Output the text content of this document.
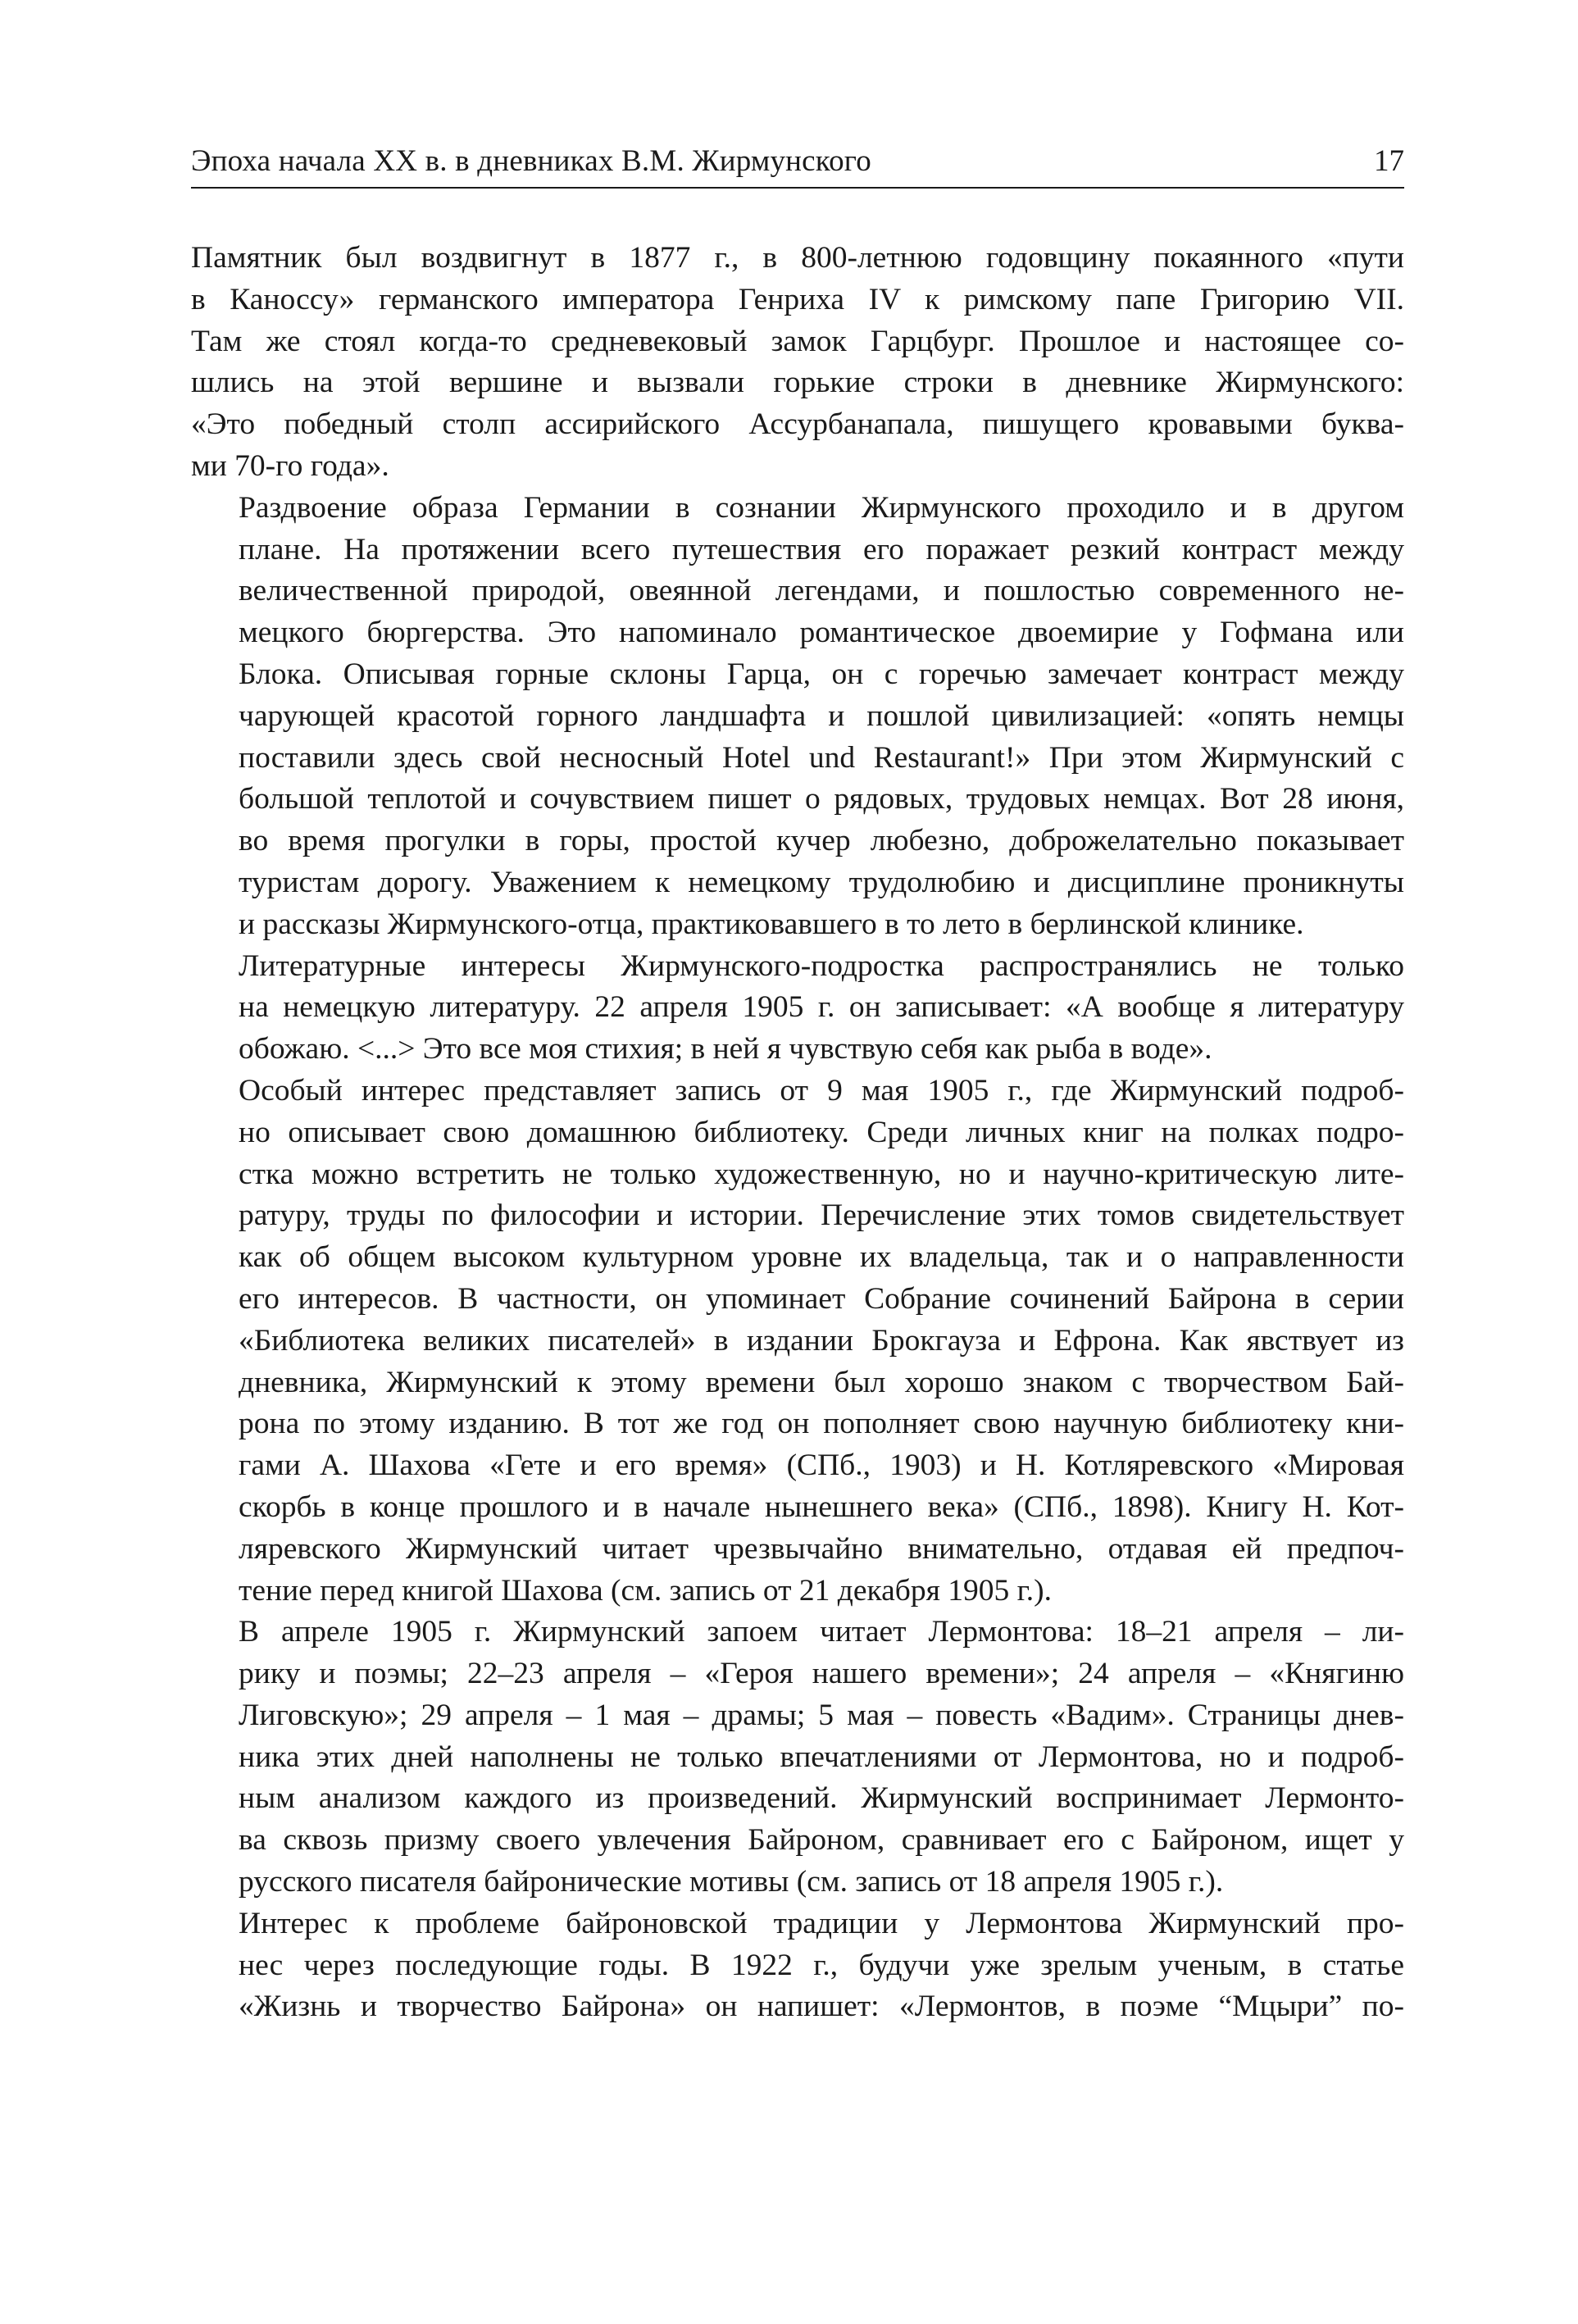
Эпоха начала XX в. в дневниках В.М. Жирмунского	17

Памятник был воздвигнут в 1877 г., в 800-летнюю годовщину покаянного «пути
в Каноссу» германского императора Генриха IV к римскому папе Григорию VII.
Там же стоял когда-то средневековый замок Гарцбург. Прошлое и настоящее со-
шлись на этой вершине и вызвали горькие строки в дневнике Жирмунского:
«Это победный столп ассирийского Ассурбанапала, пишущего кровавыми буква-
ми 70-го года».

Раздвоение образа Германии в сознании Жирмунского проходило и в другом
плане. На протяжении всего путешествия его поражает резкий контраст между
величественной природой, овеянной легендами, и пошлостью современного не-
мецкого бюргерства. Это напоминало романтическое двоемирие у Гофмана или
Блока. Описывая горные склоны Гарца, он с горечью замечает контраст между
чарующей красотой горного ландшафта и пошлой цивилизацией: «опять немцы
поставили здесь свой несносный Hotel und Restaurant!» При этом Жирмунский с
большой теплотой и сочувствием пишет о рядовых, трудовых немцах. Вот 28 июня,
во время прогулки в горы, простой кучер любезно, доброжелательно показывает
туристам дорогу. Уважением к немецкому трудолюбию и дисциплине проникнуты
и рассказы Жирмунского-отца, практиковавшего в то лето в берлинской клинике.

Литературные интересы Жирмунского-подростка распространялись не только
на немецкую литературу. 22 апреля 1905 г. он записывает: «А вообще я литературу
обожаю. <...> Это все моя стихия; в ней я чувствую себя как рыба в воде».

Особый интерес представляет запись от 9 мая 1905 г., где Жирмунский подроб-
но описывает свою домашнюю библиотеку. Среди личных книг на полках подро-
стка можно встретить не только художественную, но и научно-критическую лите-
ратуру, труды по философии и истории. Перечисление этих томов свидетельствует
как об общем высоком культурном уровне их владельца, так и о направленности
его интересов. В частности, он упоминает Собрание сочинений Байрона в серии
«Библиотека великих писателей» в издании Брокгауза и Ефрона. Как явствует из
дневника, Жирмунский к этому времени был хорошо знаком с творчеством Бай-
рона по этому изданию. В тот же год он пополняет свою научную библиотеку кни-
гами А. Шахова «Гете и его время» (СПб., 1903) и Н. Котляревского «Мировая
скорбь в конце прошлого и в начале нынешнего века» (СПб., 1898). Книгу Н. Кот-
ляревского Жирмунский читает чрезвычайно внимательно, отдавая ей предпоч-
тение перед книгой Шахова (см. запись от 21 декабря 1905 г.).

В апреле 1905 г. Жирмунский запоем читает Лермонтова: 18–21 апреля – ли-
рику и поэмы; 22–23 апреля – «Героя нашего времени»; 24 апреля – «Княгиню
Лиговскую»; 29 апреля – 1 мая – драмы; 5 мая – повесть «Вадим». Страницы днев-
ника этих дней наполнены не только впечатлениями от Лермонтова, но и подроб-
ным анализом каждого из произведений. Жирмунский воспринимает Лермонто-
ва сквозь призму своего увлечения Байроном, сравнивает его с Байроном, ищет у
русского писателя байронические мотивы (см. запись от 18 апреля 1905 г.).

Интерес к проблеме байроновской традиции у Лермонтова Жирмунский про-
нес через последующие годы. В 1922 г., будучи уже зрелым ученым, в статье
«Жизнь и творчество Байрона» он напишет: «Лермонтов, в поэме “Мцыри” по-
